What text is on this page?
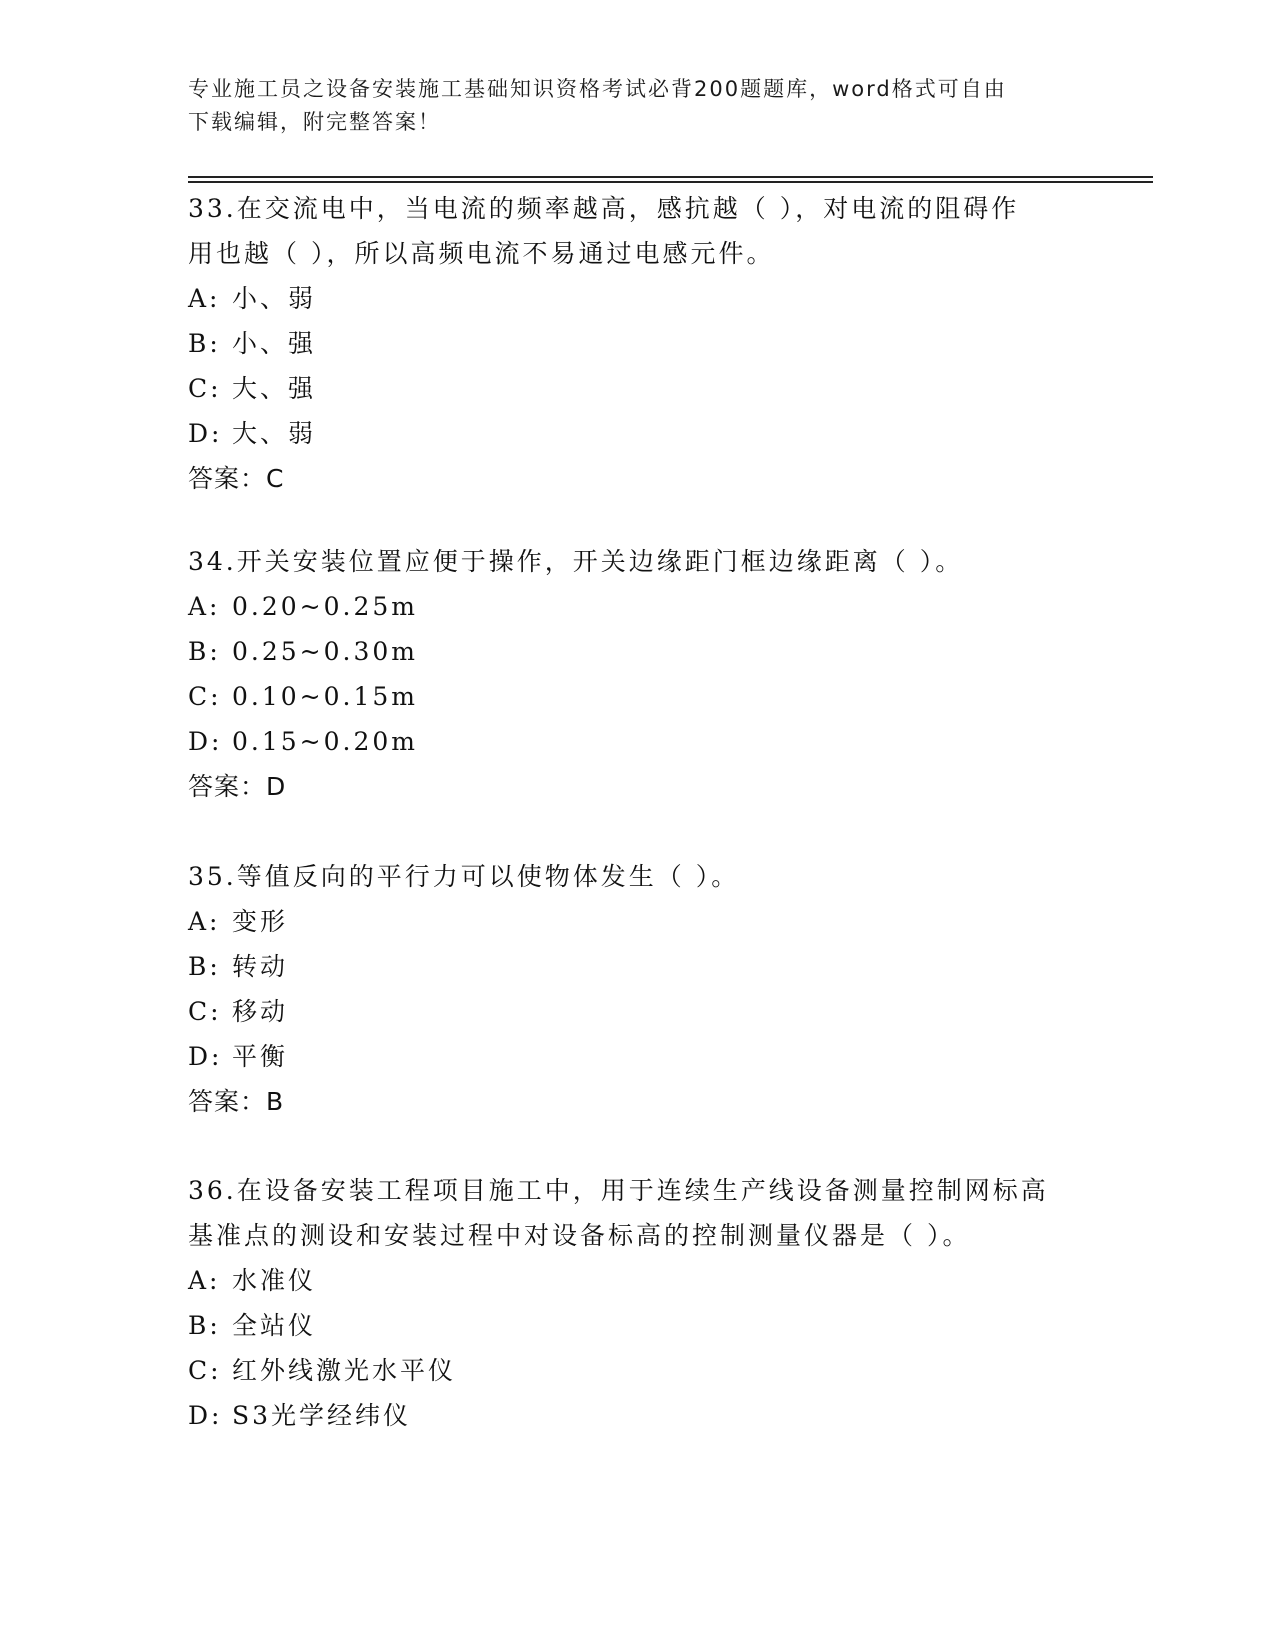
专业施工员之设备安装施工基础知识资格考试必背200题题库，word格式可自由
下载编辑，附完整答案！
33.在交流电中，当电流的频率越高，感抗越（ ），对电流的阻碍作
用也越（ ），所以高频电流不易通过电感元件。
A: 小、弱
B: 小、强
C: 大、强
D: 大、弱
答案：C
34.开关安装位置应便于操作，开关边缘距门框边缘距离（ ）。
A: 0.20~0.25m
B: 0.25~0.30m
C: 0.10~0.15m
D: 0.15~0.20m
答案：D
35.等值反向的平行力可以使物体发生（ ）。
A: 变形
B: 转动
C: 移动
D: 平衡
答案：B
36.在设备安装工程项目施工中，用于连续生产线设备测量控制网标高
基准点的测设和安装过程中对设备标高的控制测量仪器是（ ）。
A: 水准仪
B: 全站仪
C: 红外线激光水平仪
D: S3光学经纬仪
